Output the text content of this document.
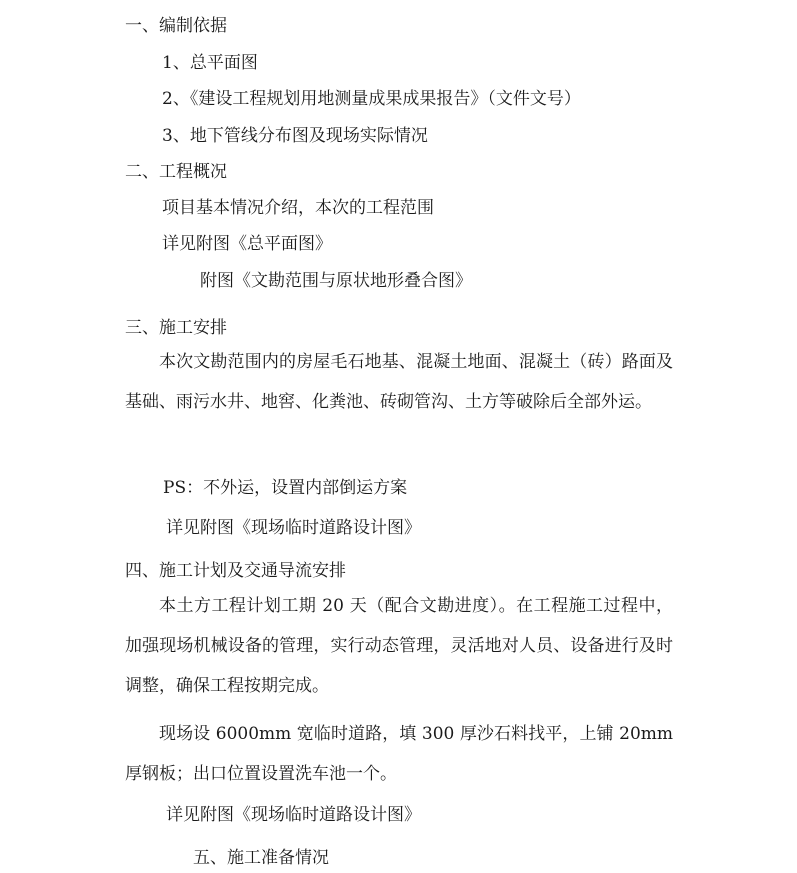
一、编制依据
1、总平面图
2、《建设工程规划用地测量成果成果报告》（文件文号）
3、地下管线分布图及现场实际情况
二、工程概况
项目基本情况介绍，本次的工程范围
详见附图《总平面图》
附图《文勘范围与原状地形叠合图》
三、施工安排
本次文勘范围内的房屋毛石地基、混凝土地面、混凝土（砖）路面及基础、雨污水井、地窖、化粪池、砖砌管沟、土方等破除后全部外运。
PS：不外运，设置内部倒运方案
详见附图《现场临时道路设计图》
四、施工计划及交通导流安排
本土方工程计划工期 20 天（配合文勘进度）。在工程施工过程中，加强现场机械设备的管理，实行动态管理，灵活地对人员、设备进行及时调整，确保工程按期完成。
现场设 6000mm 宽临时道路，填 300 厚沙石料找平，上铺 20mm 厚钢板；出口位置设置洗车池一个。
详见附图《现场临时道路设计图》
五、施工准备情况
